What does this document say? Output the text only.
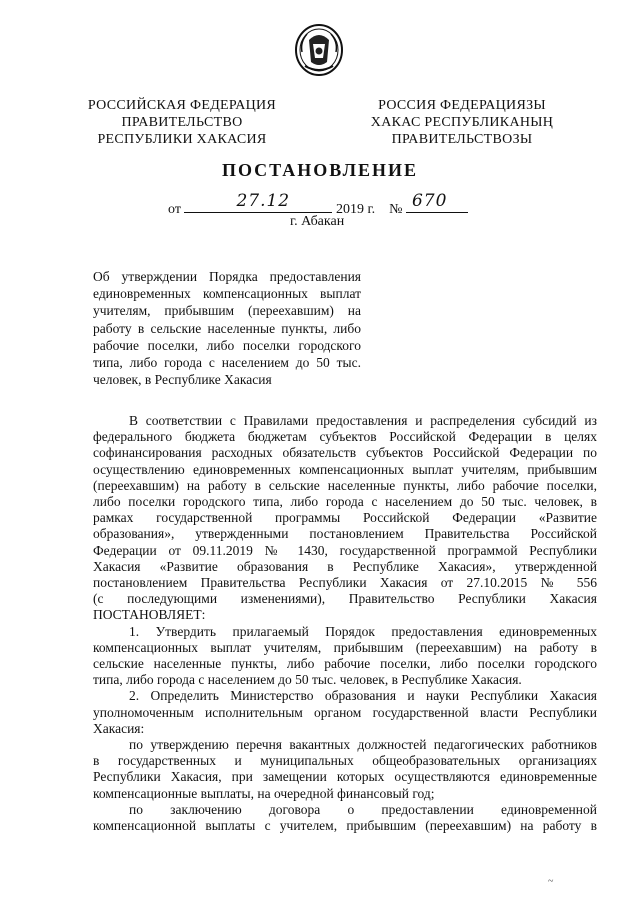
РОССИЙСКАЯ ФЕДЕРАЦИЯ
ПРАВИТЕЛЬСТВО
РЕСПУБЛИКИ ХАКАСИЯ
РОССИЯ ФЕДЕРАЦИЯЗЫ
ХАКАС РЕСПУБЛИКАНЫҢ
ПРАВИТЕЛЬСТВОЗЫ
ПОСТАНОВЛЕНИЕ
от	27.12	2019 г. № 670
г. Абакан
Об утверждении Порядка предоставления
единовременных компенсационных выплат
учителям, прибывшим (переехавшим) на
работу в сельские населенные пункты, либо
рабочие поселки, либо поселки городского
типа, либо города с населением до 50 тыс.
человек, в Республике Хакасия
В соответствии с Правилами предоставления и распределения субсидий из
федерального бюджета бюджетам субъектов Российской Федерации в целях
софинансирования расходных обязательств субъектов Российской Федерации по
осуществлению единовременных компенсационных выплат учителям, прибывшим
(переехавшим) на работу в сельские населенные пункты, либо рабочие поселки,
либо поселки городского типа, либо города с населением до 50 тыс. человек, в
рамках государственной программы Российской Федерации «Развитие
образования», утвержденными постановлением Правительства Российской
Федерации от 09.11.2019 № 1430, государственной программой Республики
Хакасия «Развитие образования в Республике Хакасия», утвержденной
постановлением Правительства Республики Хакасия от 27.10.2015 № 556
(с последующими изменениями), Правительство Республики Хакасия
ПОСТАНОВЛЯЕТ:
1. Утвердить прилагаемый Порядок предоставления единовременных
компенсационных выплат учителям, прибывшим (переехавшим) на работу в
сельские населенные пункты, либо рабочие поселки, либо поселки городского
типа, либо города с населением до 50 тыс. человек, в Республике Хакасия.
2. Определить Министерство образования и науки Республики Хакасия
уполномоченным исполнительным органом государственной власти Республики
Хакасия:
по утверждению перечня вакантных должностей педагогических работников
в государственных и муниципальных общеобразовательных организациях
Республики Хакасия, при замещении которых осуществляются единовременные
компенсационные выплаты, на очередной финансовый год;
по заключению договора о предоставлении единовременной
компенсационной выплаты с учителем, прибывшим (переехавшим) на работу в
~
